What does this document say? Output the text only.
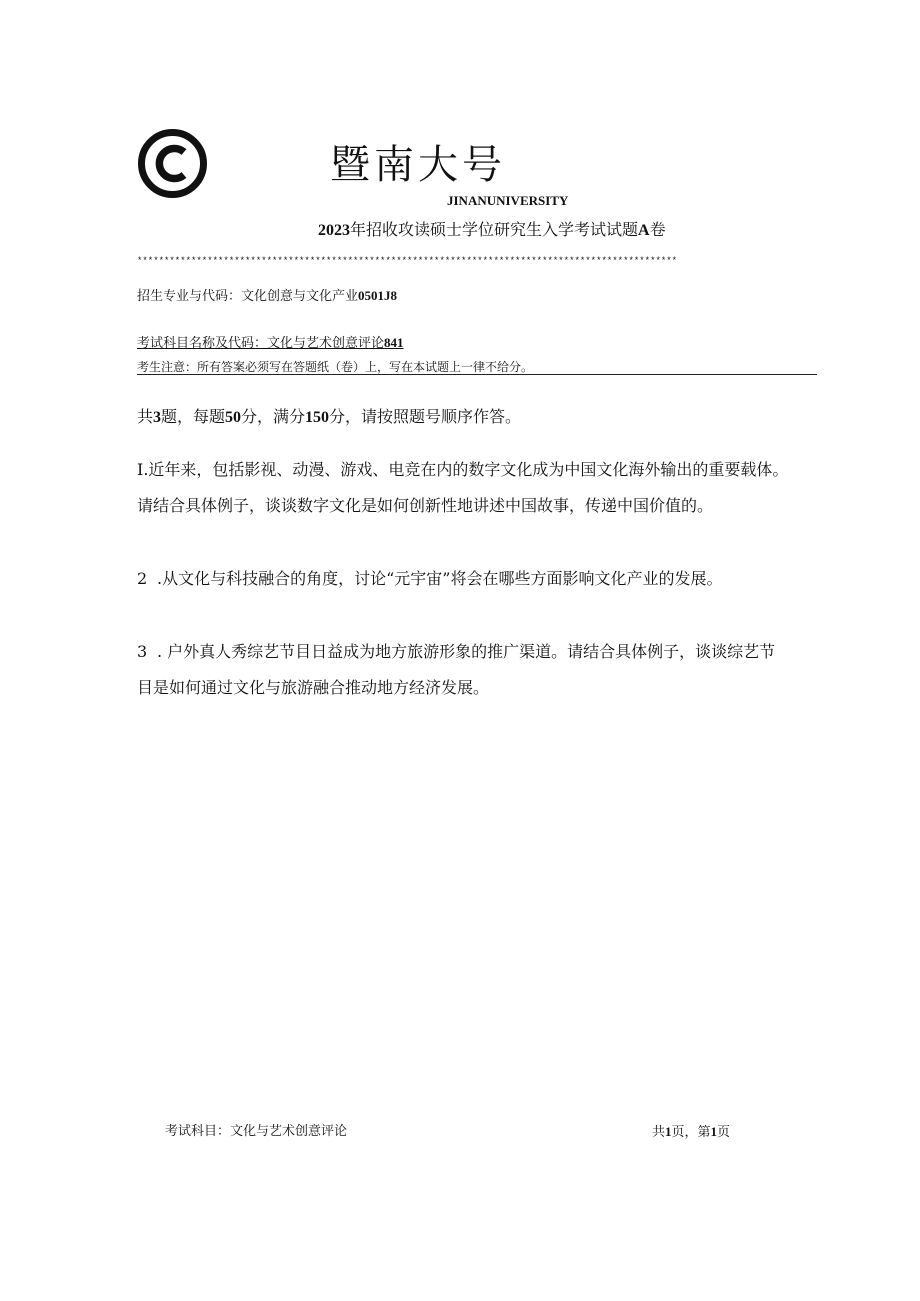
暨南大号
JINANUNIVERSITY
2023年招收攻读硕士学位研究生入学考试试题A卷
****************************************************************************************************
招生专业与代码：文化创意与文化产业0501J8
考试科目名称及代码：文化与艺术创意评论841
考生注意：所有答案必须写在答题纸（卷）上，写在本试题上一律不给分。
共3题，每题50分，满分150分，请按照题号顺序作答。
I.近年来，包括影视、动漫、游戏、电竞在内的数字文化成为中国文化海外输出的重要载体。
请结合具体例子，谈谈数字文化是如何创新性地讲述中国故事，传递中国价值的。
2 .从文化与科技融合的角度，讨论“元宇宙”将会在哪些方面影响文化产业的发展。
3 . 户外真人秀综艺节目日益成为地方旅游形象的推广渠道。请结合具体例子，谈谈综艺节
目是如何通过文化与旅游融合推动地方经济发展。
考试科目：文化与艺术创意评论	共
1页，第1页
